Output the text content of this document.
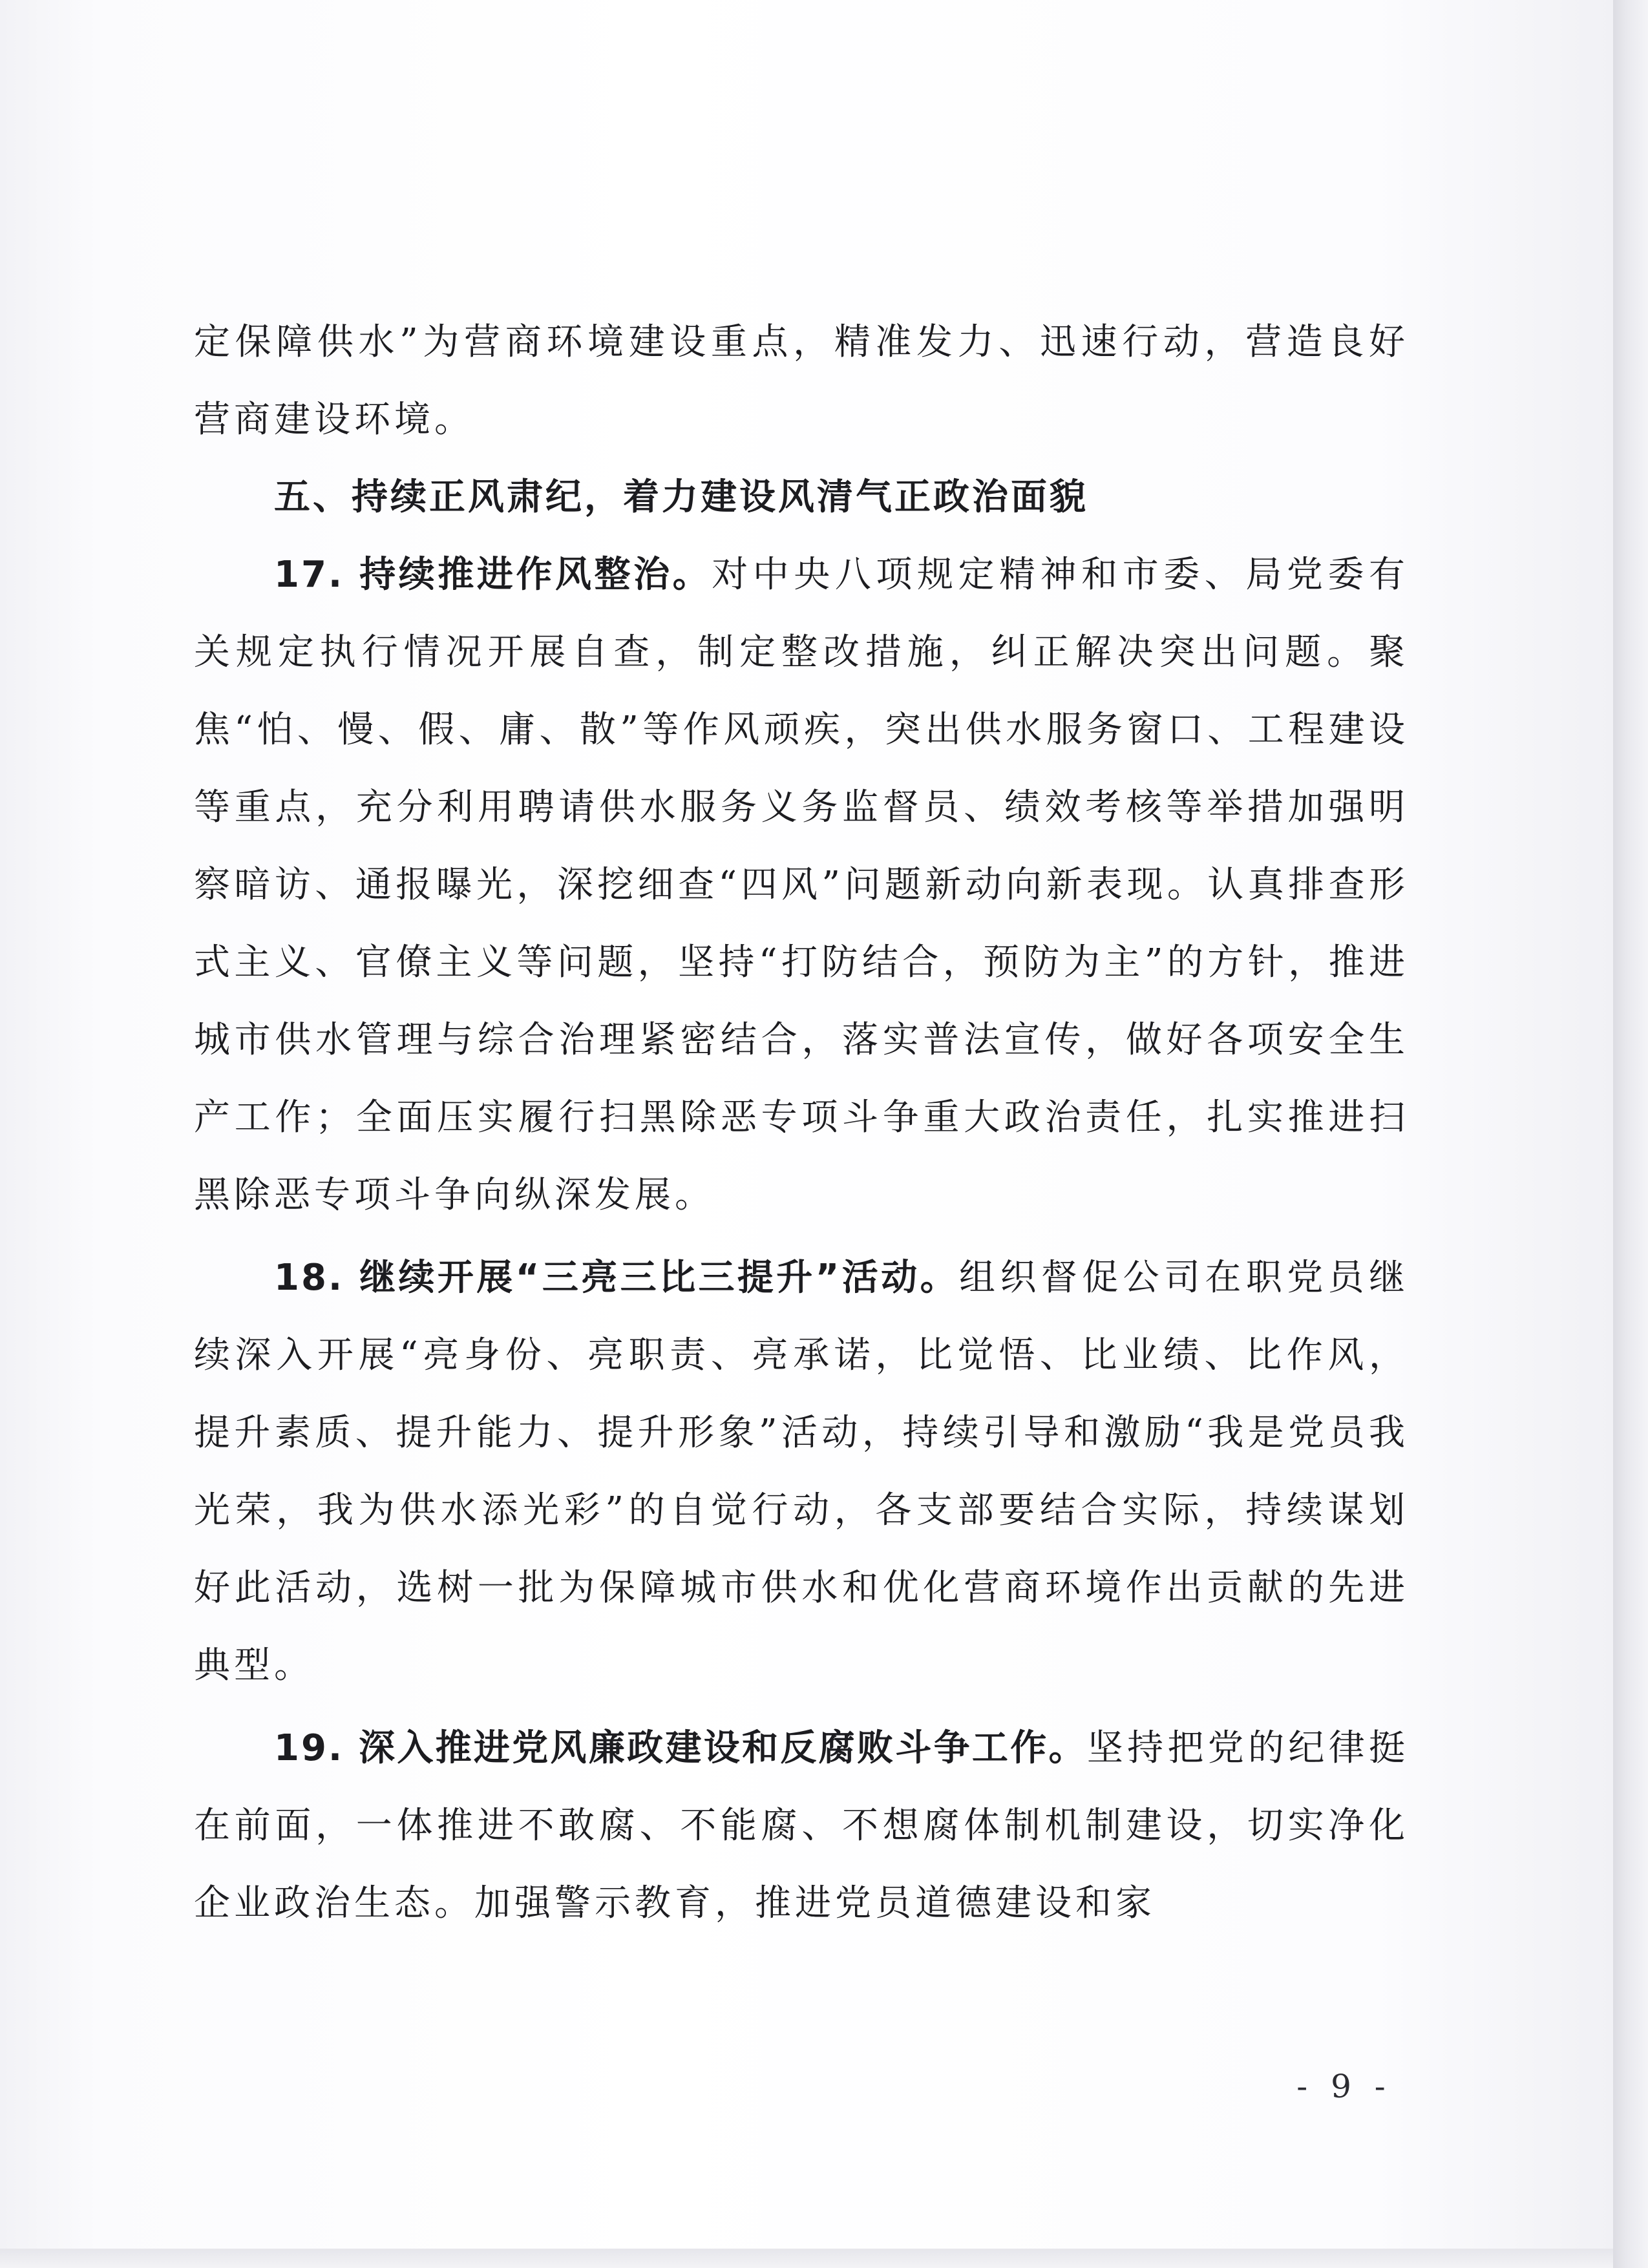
定保障供水”为营商环境建设重点，精准发力、迅速行动，营造良好营商建设环境。

五、持续正风肃纪，着力建设风清气正政治面貌

17. 持续推进作风整治。对中央八项规定精神和市委、局党委有关规定执行情况开展自查，制定整改措施，纠正解决突出问题。聚焦“怕、慢、假、庸、散”等作风顽疾，突出供水服务窗口、工程建设等重点，充分利用聘请供水服务义务监督员、绩效考核等举措加强明察暗访、通报曝光，深挖细查“四风”问题新动向新表现。认真排查形式主义、官僚主义等问题，坚持“打防结合，预防为主”的方针，推进城市供水管理与综合治理紧密结合，落实普法宣传，做好各项安全生产工作；全面压实履行扫黑除恶专项斗争重大政治责任，扎实推进扫黑除恶专项斗争向纵深发展。

18. 继续开展“三亮三比三提升”活动。组织督促公司在职党员继续深入开展“亮身份、亮职责、亮承诺，比觉悟、比业绩、比作风，提升素质、提升能力、提升形象”活动，持续引导和激励“我是党员我光荣，我为供水添光彩”的自觉行动，各支部要结合实际，持续谋划好此活动，选树一批为保障城市供水和优化营商环境作出贡献的先进典型。

19. 深入推进党风廉政建设和反腐败斗争工作。坚持把党的纪律挺在前面，一体推进不敢腐、不能腐、不想腐体制机制建设，切实净化企业政治生态。加强警示教育，推进党员道德建设和家

- 9 -
